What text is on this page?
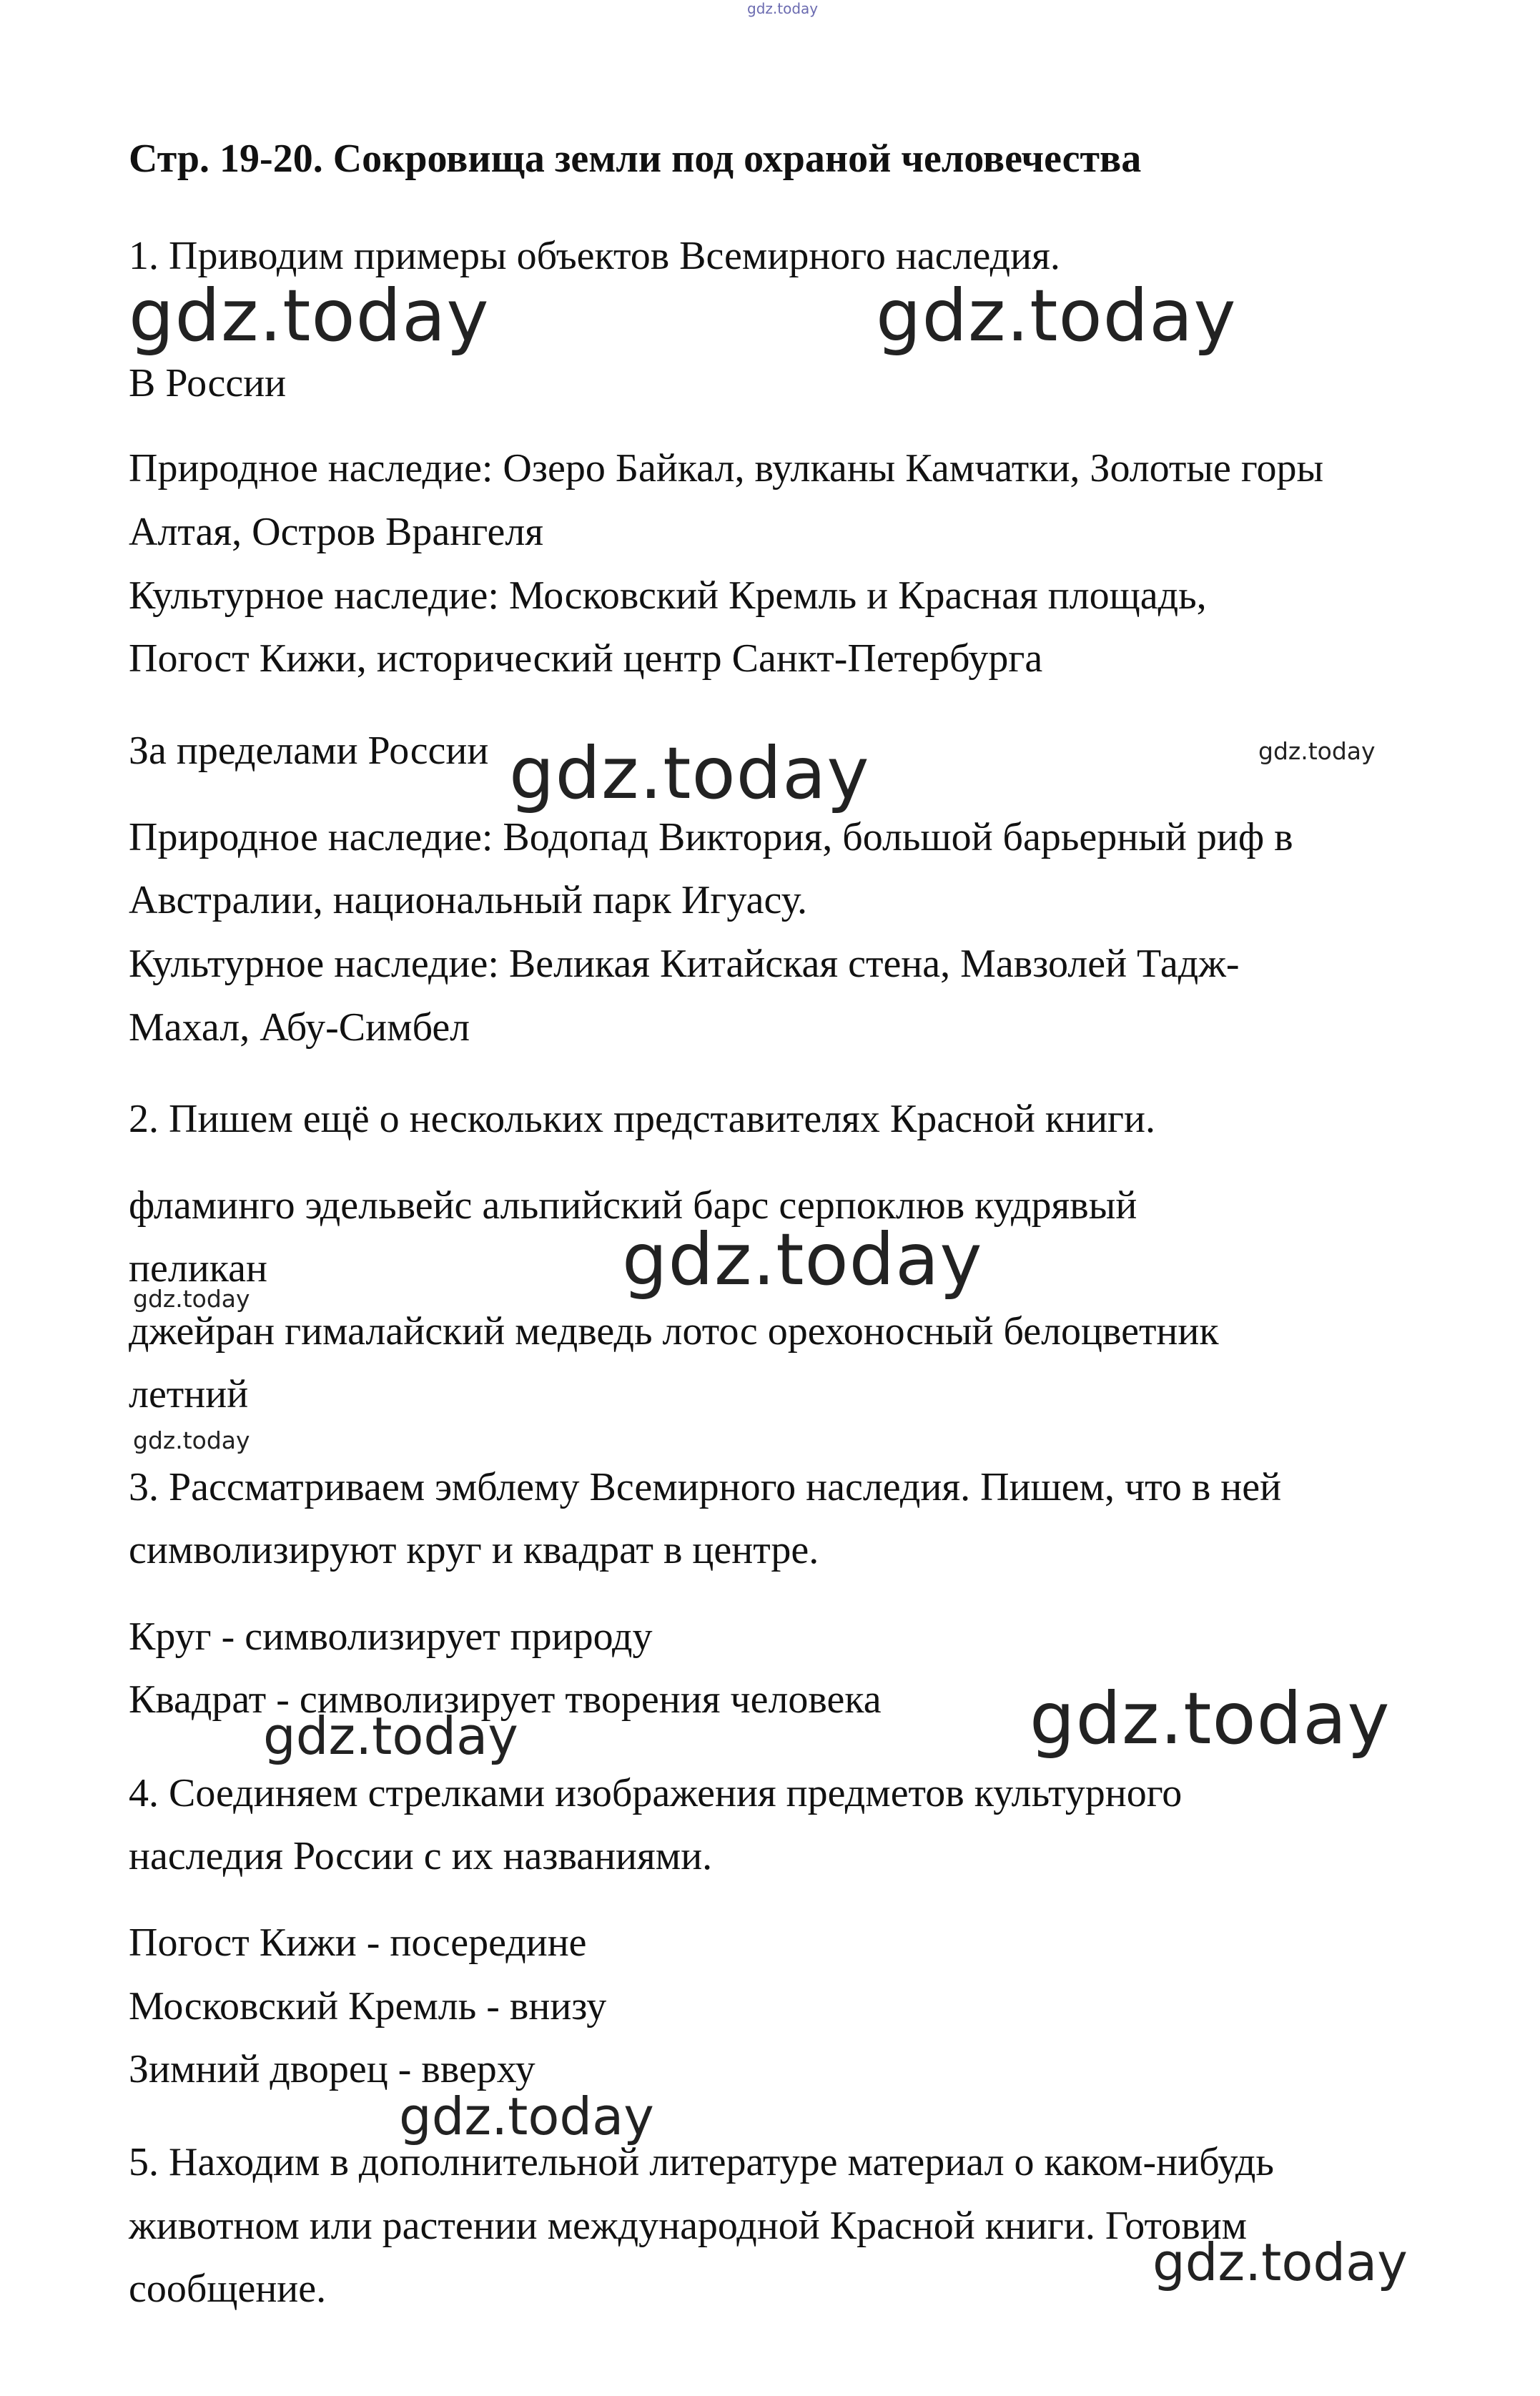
gdz.today
Стр. 19-20. Сокровища земли под охраной человечества

1. Приводим примеры объектов Всемирного наследия.

gdz.today	gdz.today

В России

Природное наследие: Озеро Байкал, вулканы Камчатки, Золотые горы

Алтая, Остров Врангеля

Культурное наследие: Московский Кремль и Красная площадь,

Погост Кижи, исторический центр Санкт-Петербурга

За пределами России gdz.today	gdz.today

Природное наследие: Водопад Виктория, большой барьерный риф в

Австралии, национальный парк Игуасу.

Культурное наследие: Великая Китайская стена, Мавзолей Тадж-

Махал, Абу-Симбел

2. Пишем ещё о нескольких представителях Красной книги.

фламинго эдельвейс альпийский барс серпоклюв кудрявый

пеликан	gdz.today
gdz.today

джейран гималайский медведь лотос орехоносный белоцветник

летний

gdz.today

3. Рассматриваем эмблему Всемирного наследия. Пишем, что в ней

символизируют круг и квадрат в центре.

Круг - символизирует природу

Квадрат - символизирует творения человека

gdz.today	gdz.today

4. Соединяем стрелками изображения предметов культурного

наследия России с их названиями.

Погост Кижи - посередине

Московский Кремль - внизу

Зимний дворец - вверху

gdz.today

5. Находим в дополнительной литературе материал о каком-нибудь

животном или растении международной Красной книги. Готовим

сообщение.	gdz.today
